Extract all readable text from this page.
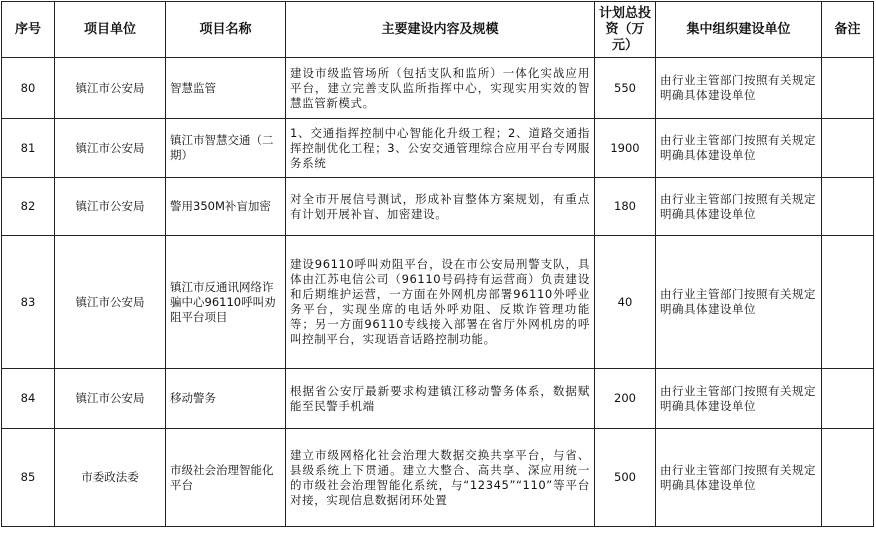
序号	项目单位	项目名称	主要建设内容及规模	计划总投资（万元）	集中组织建设单位	备注
80	镇江市公安局	智慧监管	建设市级监管场所（包括支队和监所）一体化实战应用平台，建立完善支队监所指挥中心，实现实用实效的智慧监管新模式。	550	由行业主管部门按照有关规定明确具体建设单位	
81	镇江市公安局	镇江市智慧交通（二期）	1、交通指挥控制中心智能化升级工程；2、道路交通指挥控制优化工程；3、公安交通管理综合应用平台专网服务系统	1900	由行业主管部门按照有关规定明确具体建设单位	
82	镇江市公安局	警用350M补盲加密	对全市开展信号测试，形成补盲整体方案规划，有重点有计划开展补盲、加密建设。	180	由行业主管部门按照有关规定明确具体建设单位	
83	镇江市公安局	镇江市反通讯网络诈骗中心96110呼叫劝阻平台项目	建设96110呼叫劝阻平台，设在市公安局刑警支队，具体由江苏电信公司（96110号码持有运营商）负责建设和后期维护运营，一方面在外网机房部署96110外呼业务平台，实现坐席的电话外呼劝阻、反欺诈管理功能等；另一方面96110专线接入部署在省厅外网机房的呼叫控制平台，实现语音话路控制功能。	40	由行业主管部门按照有关规定明确具体建设单位	
84	镇江市公安局	移动警务	根据省公安厅最新要求构建镇江移动警务体系，数据赋能至民警手机端	200	由行业主管部门按照有关规定明确具体建设单位	
85	市委政法委	市级社会治理智能化平台	建立市级网格化社会治理大数据交换共享平台，与省、县级系统上下贯通。建立大整合、高共享、深应用统一的市级社会治理智能化系统，与“12345”“110”等平台对接，实现信息数据闭环处置	500	由行业主管部门按照有关规定明确具体建设单位	
